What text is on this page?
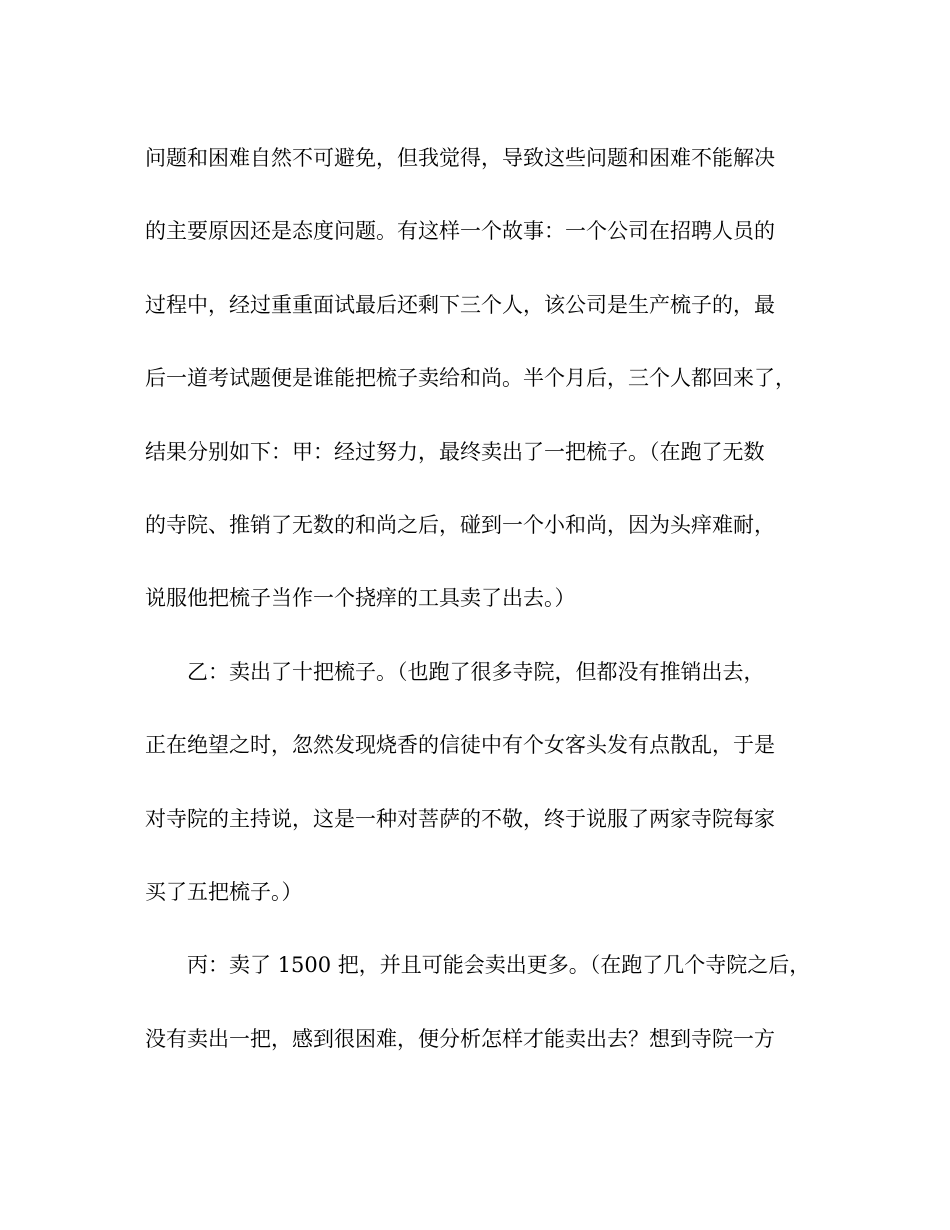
问题和困难自然不可避免，但我觉得，导致这些问题和困难不能解决
的主要原因还是态度问题。有这样一个故事：一个公司在招聘人员的
过程中，经过重重面试最后还剩下三个人，该公司是生产梳子的，最
后一道考试题便是谁能把梳子卖给和尚。半个月后，三个人都回来了，
结果分别如下：甲：经过努力，最终卖出了一把梳子。（在跑了无数
的寺院、推销了无数的和尚之后，碰到一个小和尚，因为头痒难耐，
说服他把梳子当作一个挠痒的工具卖了出去。）
乙：卖出了十把梳子。（也跑了很多寺院，但都没有推销出去，
正在绝望之时，忽然发现烧香的信徒中有个女客头发有点散乱，于是
对寺院的主持说，这是一种对菩萨的不敬，终于说服了两家寺院每家
买了五把梳子。）
丙：卖了 1500 把，并且可能会卖出更多。（在跑了几个寺院之后，
没有卖出一把，感到很困难，便分析怎样才能卖出去？想到寺院一方
